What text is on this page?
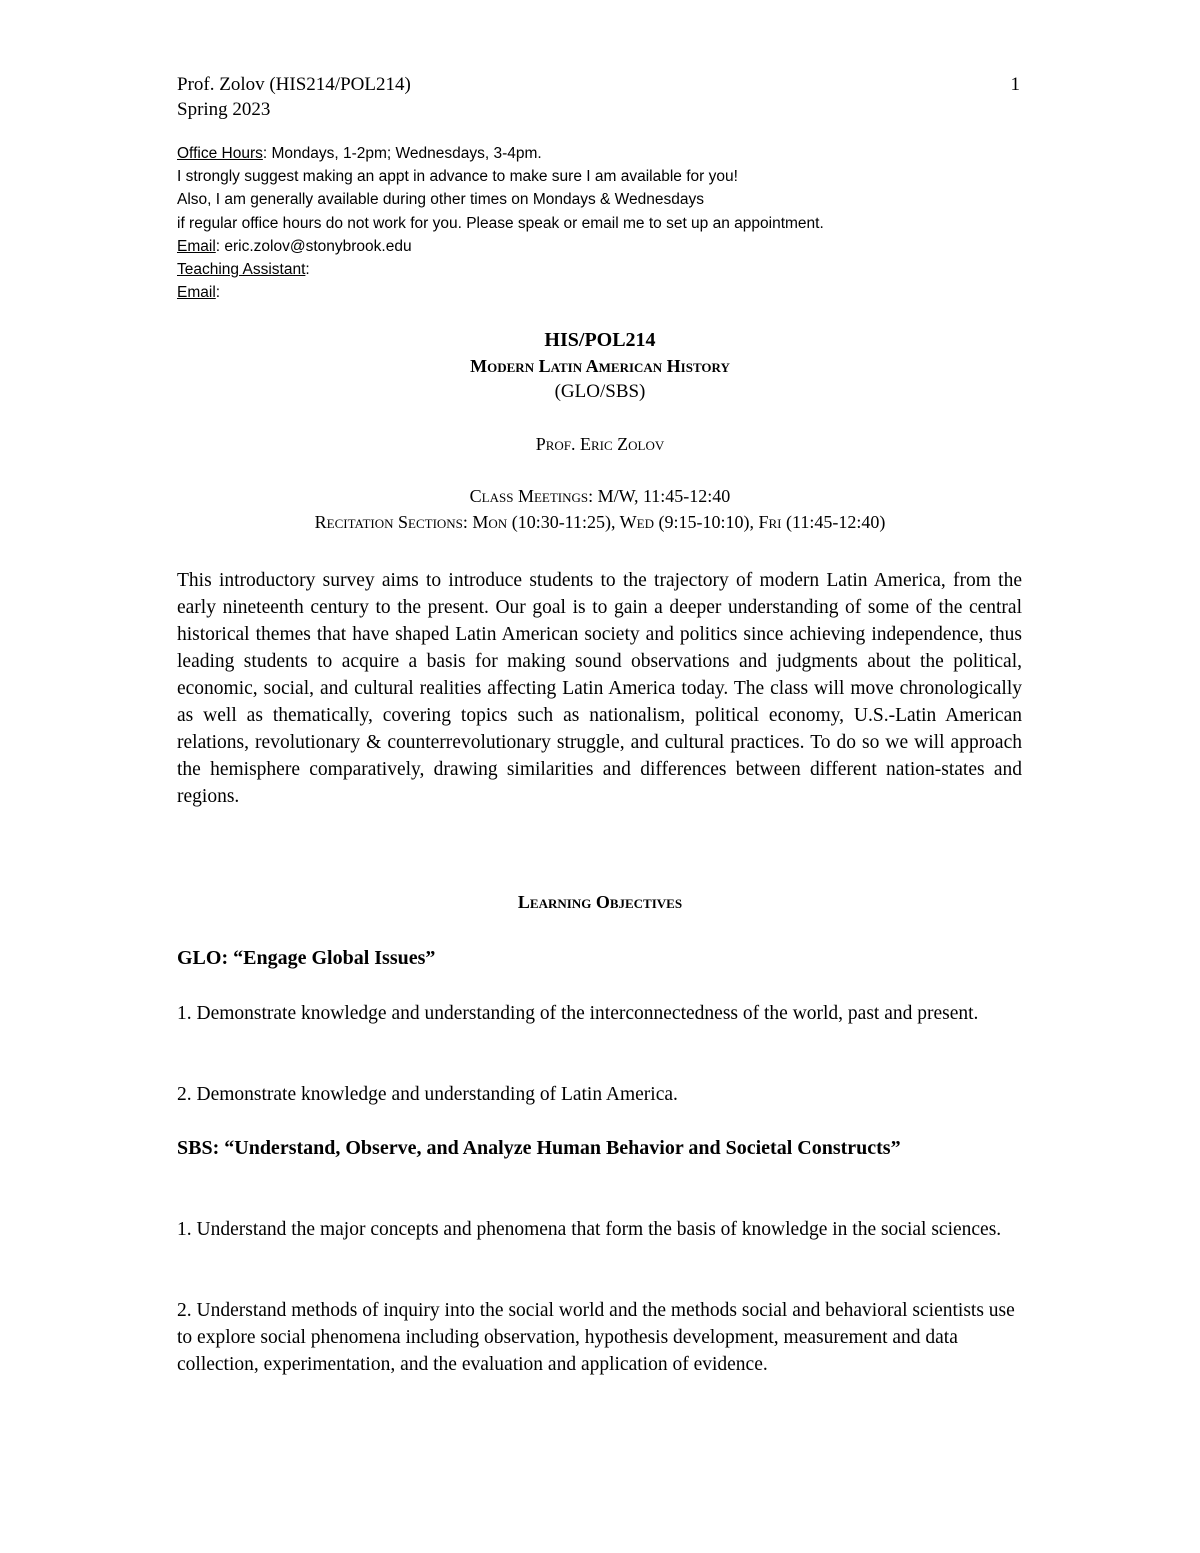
Prof. Zolov (HIS214/POL214)
Spring 2023
1
Office Hours: Mondays, 1-2pm; Wednesdays, 3-4pm.
I strongly suggest making an appt in advance to make sure I am available for you!
Also, I am generally available during other times on Mondays & Wednesdays
if regular office hours do not work for you. Please speak or email me to set up an appointment.
Email: eric.zolov@stonybrook.edu
Teaching Assistant:
Email:
HIS/POL214
Modern Latin American History
(GLO/SBS)
Prof. Eric Zolov
Class Meetings: M/W, 11:45-12:40
Recitation Sections: Mon (10:30-11:25), Wed (9:15-10:10), Fri (11:45-12:40)
This introductory survey aims to introduce students to the trajectory of modern Latin America, from the early nineteenth century to the present. Our goal is to gain a deeper understanding of some of the central historical themes that have shaped Latin American society and politics since achieving independence, thus leading students to acquire a basis for making sound observations and judgments about the political, economic, social, and cultural realities affecting Latin America today. The class will move chronologically as well as thematically, covering topics such as nationalism, political economy, U.S.-Latin American relations, revolutionary & counterrevolutionary struggle, and cultural practices. To do so we will approach the hemisphere comparatively, drawing similarities and differences between different nation-states and regions.
Learning Objectives
GLO: “Engage Global Issues”
1. Demonstrate knowledge and understanding of the interconnectedness of the world, past and present.
2. Demonstrate knowledge and understanding of Latin America.
SBS: “Understand, Observe, and Analyze Human Behavior and Societal Constructs”
1. Understand the major concepts and phenomena that form the basis of knowledge in the social sciences.
2. Understand methods of inquiry into the social world and the methods social and behavioral scientists use to explore social phenomena including observation, hypothesis development, measurement and data collection, experimentation, and the evaluation and application of evidence.
